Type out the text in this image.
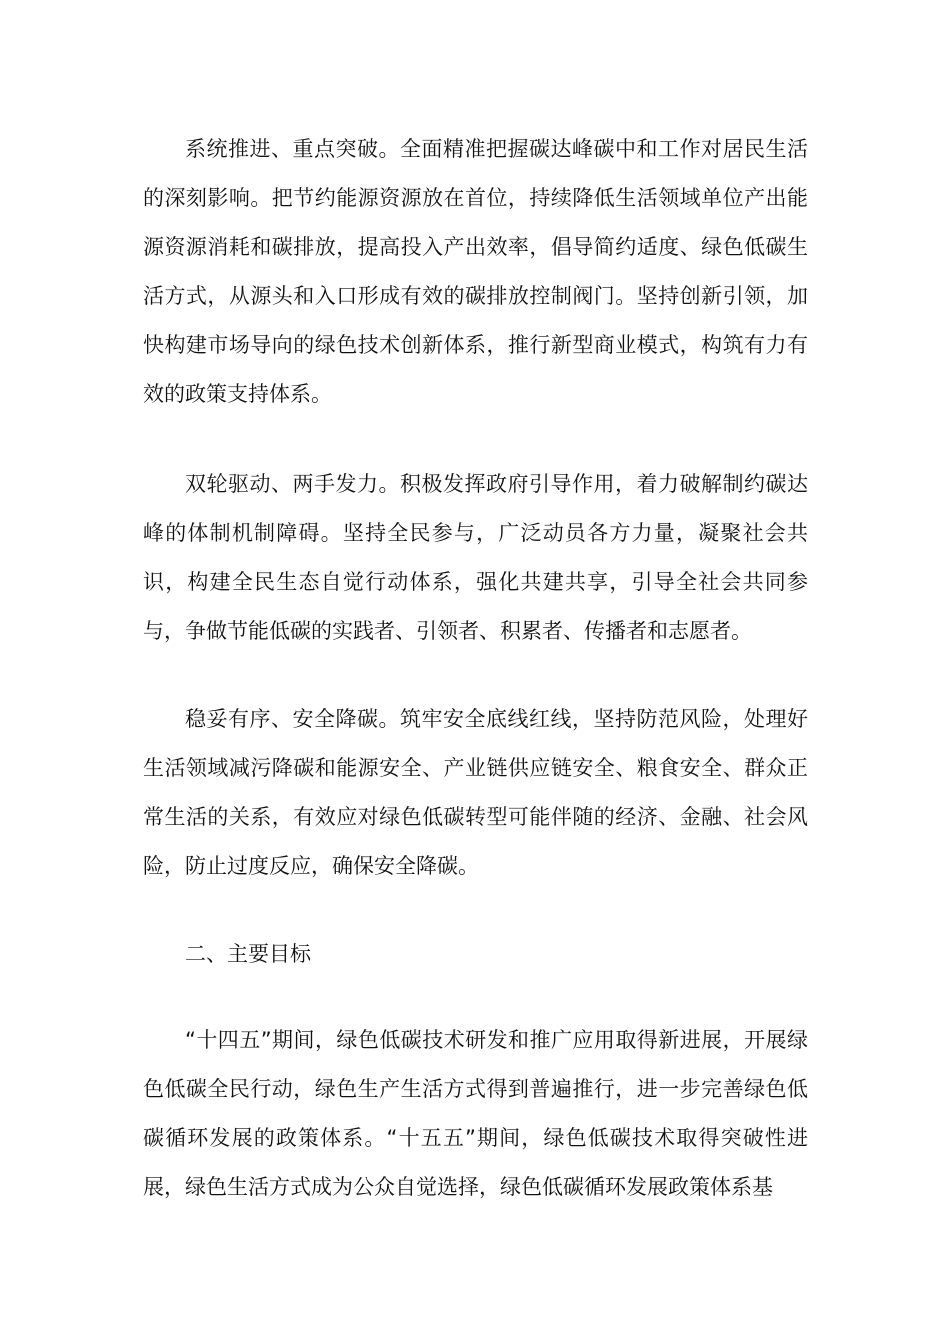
系统推进、重点突破。全面精准把握碳达峰碳中和工作对居民生活的深刻影响。把节约能源资源放在首位，持续降低生活领域单位产出能源资源消耗和碳排放，提高投入产出效率，倡导简约适度、绿色低碳生活方式，从源头和入口形成有效的碳排放控制阀门。坚持创新引领，加快构建市场导向的绿色技术创新体系，推行新型商业模式，构筑有力有效的政策支持体系。

双轮驱动、两手发力。积极发挥政府引导作用，着力破解制约碳达峰的体制机制障碍。坚持全民参与，广泛动员各方力量，凝聚社会共识，构建全民生态自觉行动体系，强化共建共享，引导全社会共同参与，争做节能低碳的实践者、引领者、积累者、传播者和志愿者。

稳妥有序、安全降碳。筑牢安全底线红线，坚持防范风险，处理好生活领域减污降碳和能源安全、产业链供应链安全、粮食安全、群众正常生活的关系，有效应对绿色低碳转型可能伴随的经济、金融、社会风险，防止过度反应，确保安全降碳。

二、主要目标

“十四五”期间，绿色低碳技术研发和推广应用取得新进展，开展绿色低碳全民行动，绿色生产生活方式得到普遍推行，进一步完善绿色低碳循环发展的政策体系。“十五五”期间，绿色低碳技术取得突破性进展，绿色生活方式成为公众自觉选择，绿色低碳循环发展政策体系基
